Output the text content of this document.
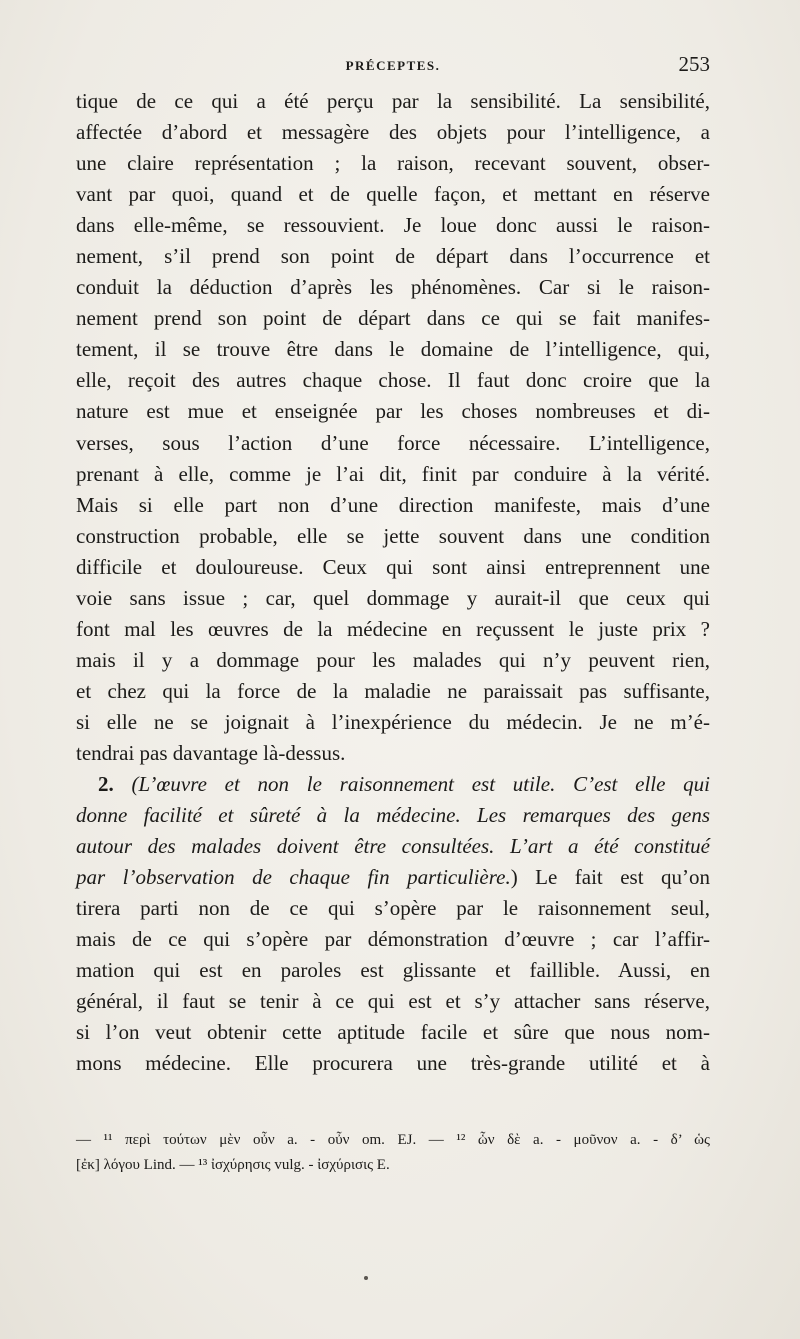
PRÉCEPTES.	253
tique de ce qui a été perçu par la sensibilité. La sensibilité,
affectée d’abord et messagère des objets pour l’intelligence, a
une claire représentation ; la raison, recevant souvent, obser-
vant par quoi, quand et de quelle façon, et mettant en réserve
dans elle-même, se ressouvient. Je loue donc aussi le raison-
nement, s’il prend son point de départ dans l’occurrence et
conduit la déduction d’après les phénomènes. Car si le raison-
nement prend son point de départ dans ce qui se fait manifes-
tement, il se trouve être dans le domaine de l’intelligence, qui,
elle, reçoit des autres chaque chose. Il faut donc croire que la
nature est mue et enseignée par les choses nombreuses et di-
verses, sous l’action d’une force nécessaire. L’intelligence,
prenant à elle, comme je l’ai dit, finit par conduire à la vérité.
Mais si elle part non d’une direction manifeste, mais d’une
construction probable, elle se jette souvent dans une condition
difficile et douloureuse. Ceux qui sont ainsi entreprennent une
voie sans issue ; car, quel dommage y aurait-il que ceux qui
font mal les œuvres de la médecine en reçussent le juste prix ?
mais il y a dommage pour les malades qui n’y peuvent rien,
et chez qui la force de la maladie ne paraissait pas suffisante,
si elle ne se joignait à l’inexpérience du médecin. Je ne m’é-
tendrai pas davantage là-dessus.
2. (L’œuvre et non le raisonnement est utile. C’est elle qui
donne facilité et sûreté à la médecine. Les remarques des gens
autour des malades doivent être consultées. L’art a été constitué
par l’observation de chaque fin particulière.) Le fait est qu’on
tirera parti non de ce qui s’opère par le raisonnement seul,
mais de ce qui s’opère par démonstration d’œuvre ; car l’affir-
mation qui est en paroles est glissante et faillible. Aussi, en
général, il faut se tenir à ce qui est et s’y attacher sans réserve,
si l’on veut obtenir cette aptitude facile et sûre que nous nom-
mons médecine. Elle procurera une très-grande utilité et à
— ¹¹ περὶ τούτων μὲν οὖν a. - οὖν om. EJ. — ¹² ὧν δὲ a. - μοῦνον a. - δ’ ὡς
[ἐκ] λόγου Lind. — ¹³ ἰσχύρησις vulg. - ἰσχύρισις E.
